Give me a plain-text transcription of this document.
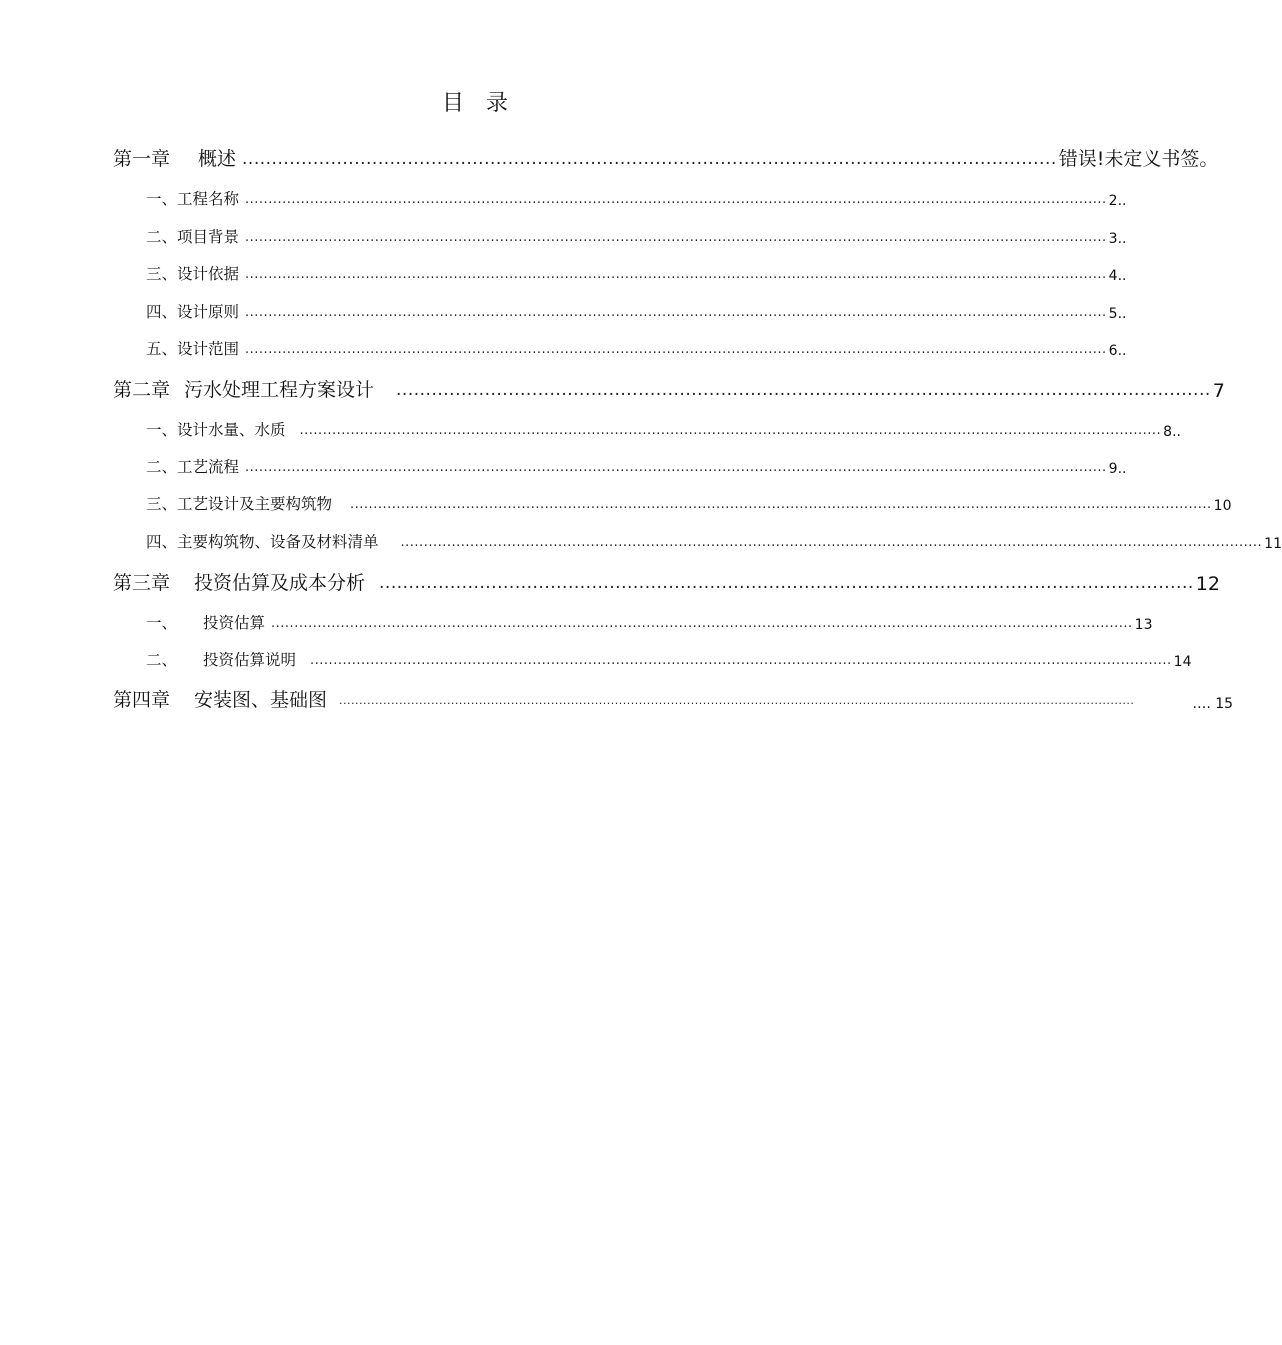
目录
第一章 概述 .......................................................................................................................................... 错误!未定义书签。
一、工程名称 .......................................................................................................................................................................................... 2..
二、项目背景 .......................................................................................................................................................................................... 3..
三、设计依据 .......................................................................................................................................................................................... 4..
四、设计原则 .......................................................................................................................................................................................... 5..
五、设计范围 .......................................................................................................................................................................................... 6..
第二章 污水处理工程方案设计 .......................................................................................................................................... 7
一、设计水量、水质 .......................................................................................................................................................................................... 8..
二、工艺流程 .......................................................................................................................................................................................... 9..
三、工艺设计及主要构筑物 .......................................................................................................................................................................................... 10
四、主要构筑物、设备及材料清单 .......................................................................................................................................................................................... 11
第三章 投资估算及成本分析 .......................................................................................................................................... 12
一、 投资估算 .......................................................................................................................................................................................... 13
二、 投资估算说明 .......................................................................................................................................................................................... 14
第四章 安装图、基础图 .......................................................................................................................................................................................................	…. 15
